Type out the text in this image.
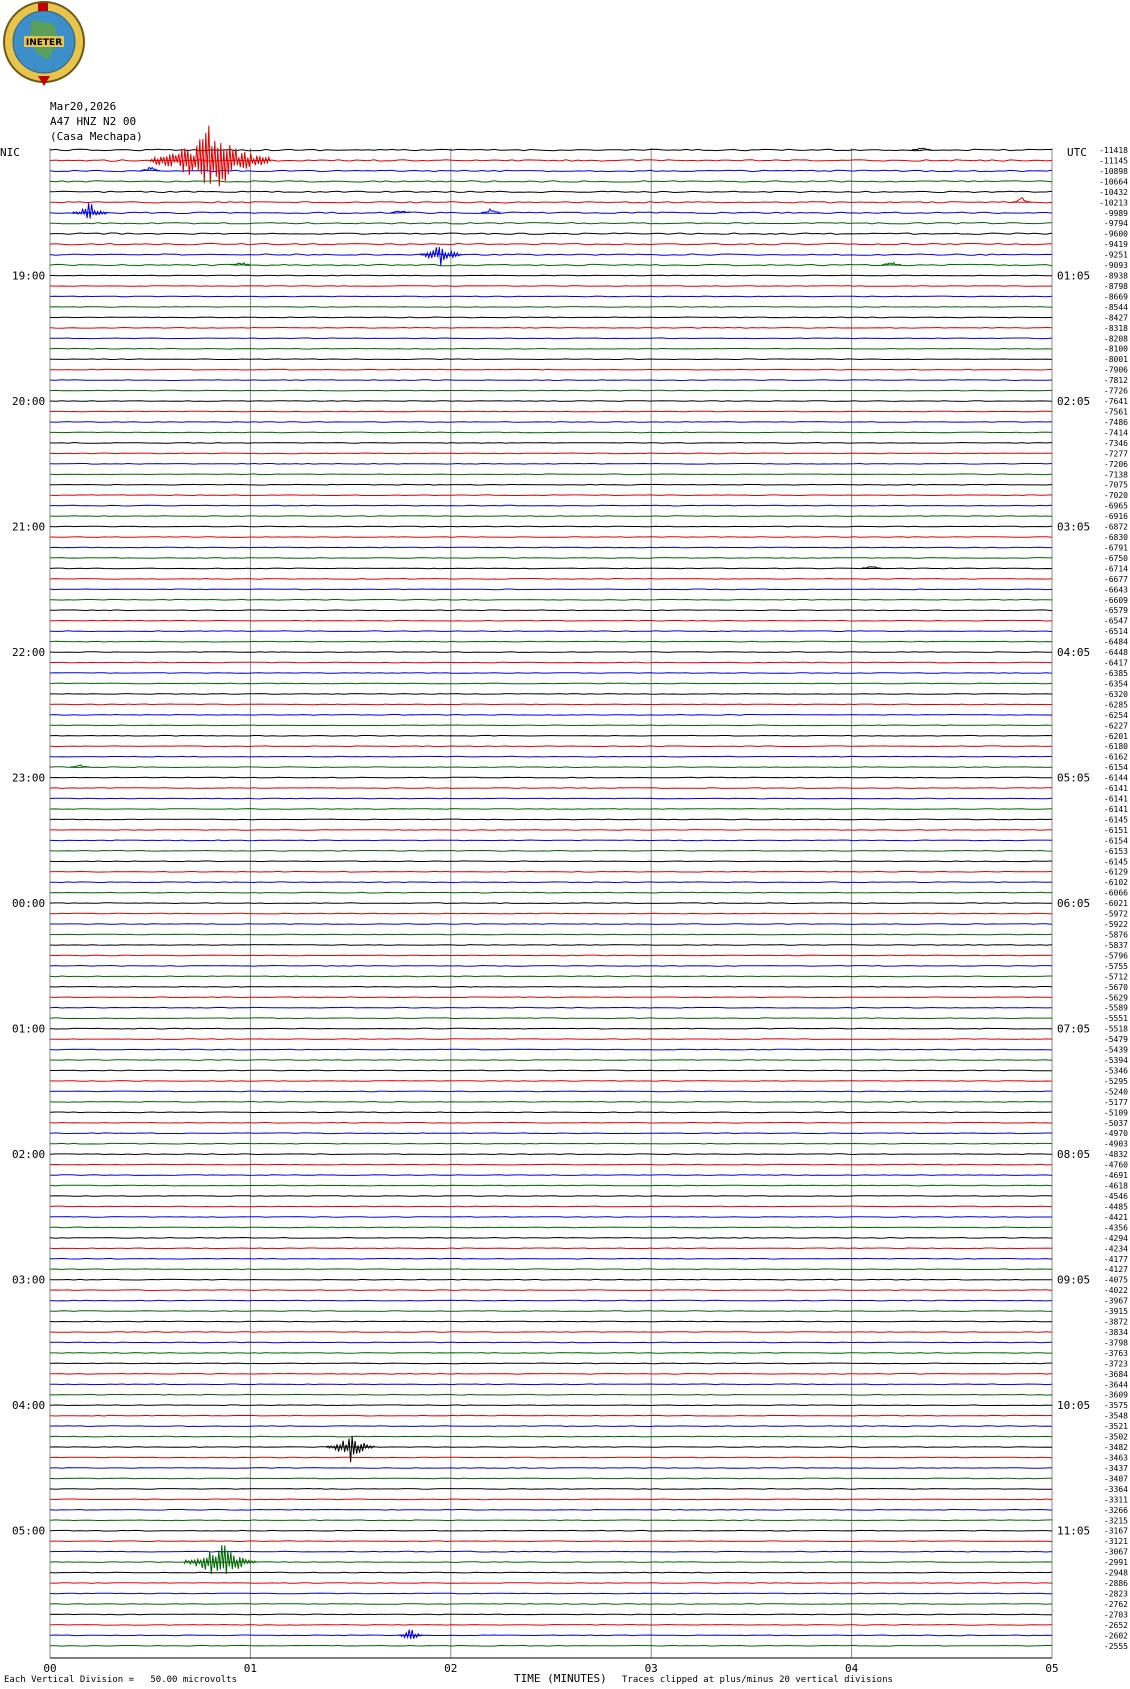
INETER
Mar20,2026
A47 HNZ N2 00
(Casa Mechapa)
00	01	02	03	04	05
19:00
20:00
21:00
22:00
23:00
00:00
01:00
02:00
03:00
04:00
05:00
01:05
02:05
03:05
04:05
05:05
06:05
07:05
08:05
09:05
10:05
11:05
-11418
-11145
-10898
-10664
-10432
-10213
-9989
-9794
-9600
-9419
-9251
-9093
-8938
-8798
-8669
-8544
-8427
-8318
-8208
-8100
-8001
-7906
-7812
-7726
-7641
-7561
-7486
-7414
-7346
-7277
-7206
-7138
-7075
-7020
-6965
-6916
-6872
-6830
-6791
-6750
-6714
-6677
-6643
-6609
-6579
-6547
-6514
-6484
-6448
-6417
-6385
-6354
-6320
-6285
-6254
-6227
-6201
-6180
-6162
-6154
-6144
-6141
-6141
-6141
-6145
-6151
-6154
-6153
-6145
-6129
-6102
-6066
-6021
-5972
-5922
-5876
-5837
-5796
-5755
-5712
-5670
-5629
-5589
-5551
-5518
-5479
-5439
-5394
-5346
-5295
-5240
-5177
-5109
-5037
-4970
-4903
-4832
-4760
-4691
-4618
-4546
-4485
-4421
-4356
-4294
-4234
-4177
-4127
-4075
-4022
-3967
-3915
-3872
-3834
-3798
-3763
-3723
-3684
-3644
-3609
-3575
-3548
-3521
-3502
-3482
-3463
-3437
-3407
-3364
-3311
-3266
-3215
-3167
-3121
-3067
-2991
-2948
-2886
-2823
-2762
-2703
-2652
-2602
-2555
NIC	UTC
TIME (MINUTES)
Each Vertical Division = 50.00 microvolts	Traces clipped at plus/minus 20 vertical divisions
